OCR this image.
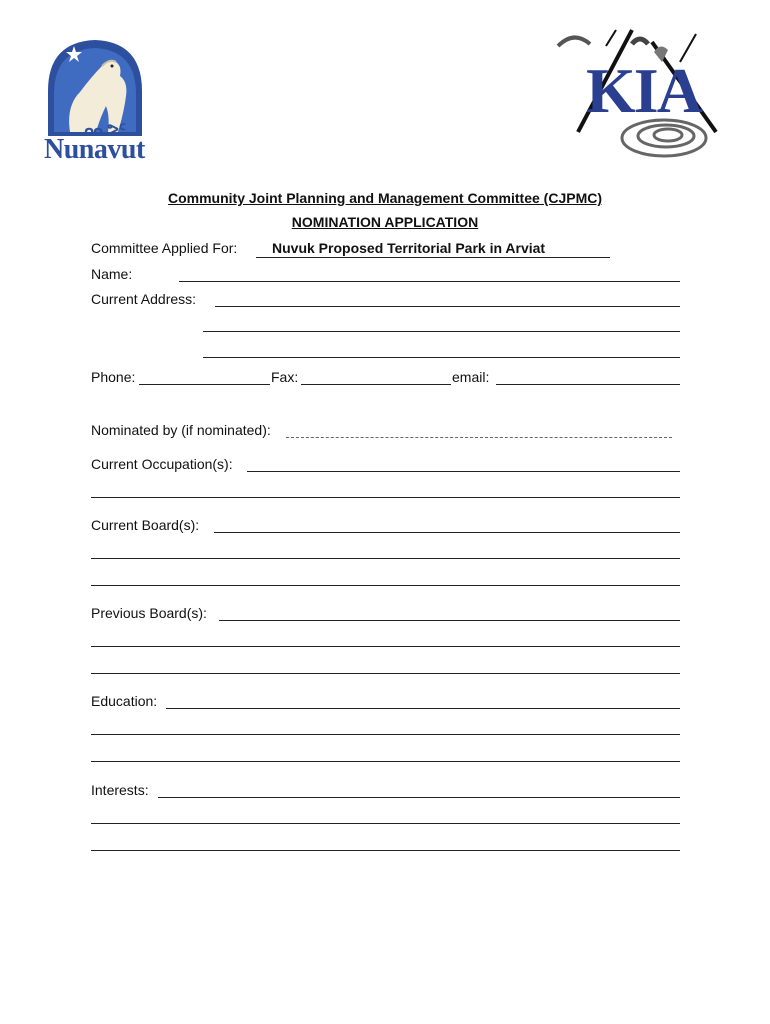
ᓄᓇᕗᑦ
Nunavut
KIA
Community Joint Planning and Management Committee (CJPMC)
NOMINATION APPLICATION
Committee Applied For: Nuvuk Proposed Territorial Park in Arviat
Name:
Current Address:
Phone:	Fax:	email:
Nominated by (if nominated):
Current Occupation(s):
Current Board(s):
Previous Board(s):
Education:
Interests:
